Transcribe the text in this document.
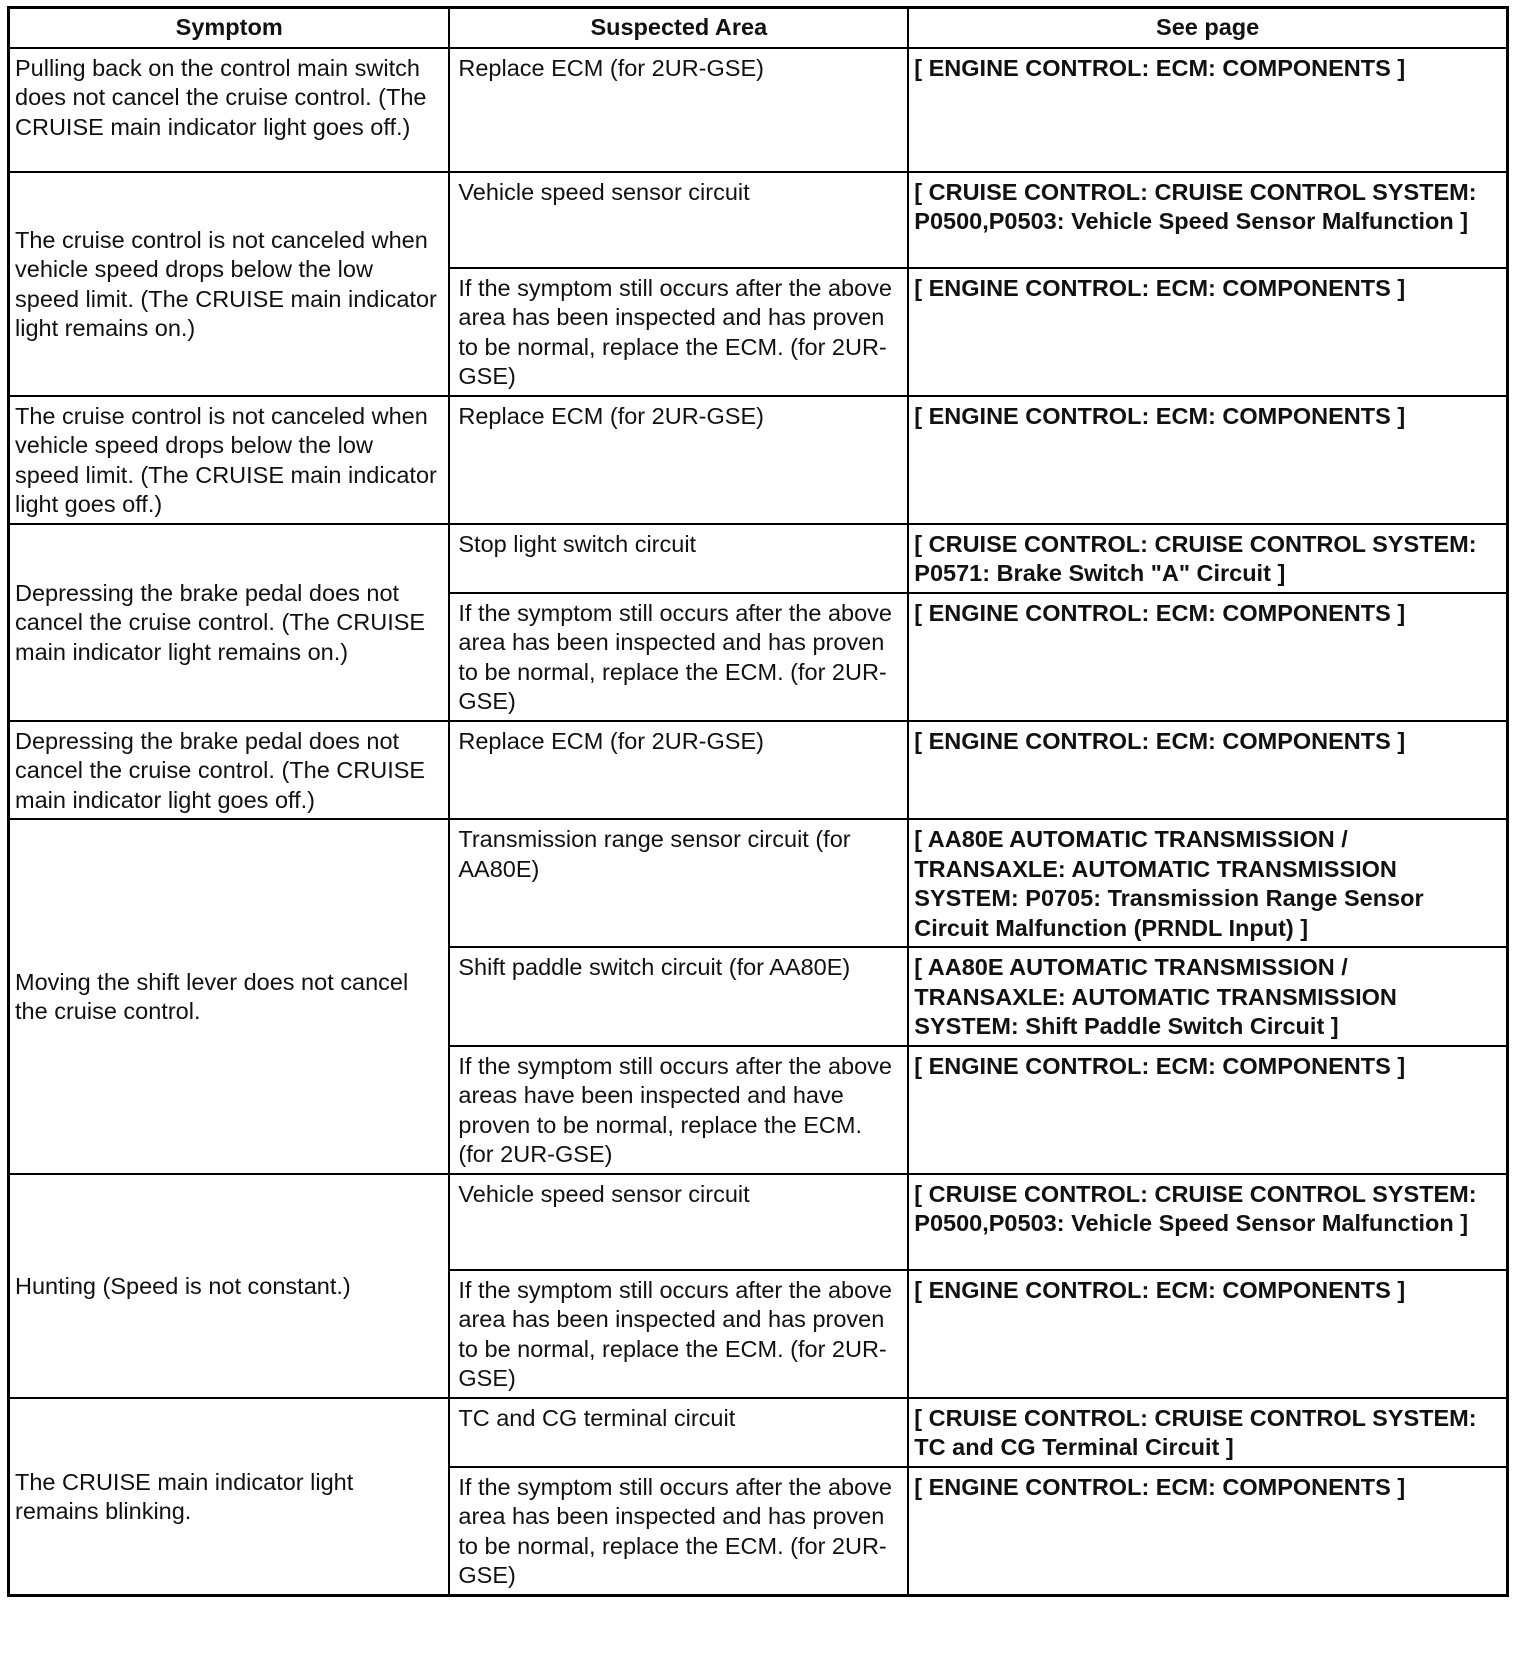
Symptom	Suspected Area	See page
Pulling back on the control main switch does not cancel the cruise control. (The CRUISE main indicator light goes off.)	Replace ECM (for 2UR-GSE)	[ ENGINE CONTROL: ECM: COMPONENTS ]
The cruise control is not canceled when vehicle speed drops below the low speed limit. (The CRUISE main indicator light remains on.)	Vehicle speed sensor circuit	[ CRUISE CONTROL: CRUISE CONTROL SYSTEM: P0500,P0503: Vehicle Speed Sensor Malfunction ]
	If the symptom still occurs after the above area has been inspected and has proven to be normal, replace the ECM. (for 2UR-GSE)	[ ENGINE CONTROL: ECM: COMPONENTS ]
The cruise control is not canceled when vehicle speed drops below the low speed limit. (The CRUISE main indicator light goes off.)	Replace ECM (for 2UR-GSE)	[ ENGINE CONTROL: ECM: COMPONENTS ]
Depressing the brake pedal does not cancel the cruise control. (The CRUISE main indicator light remains on.)	Stop light switch circuit	[ CRUISE CONTROL: CRUISE CONTROL SYSTEM: P0571: Brake Switch "A" Circuit ]
	If the symptom still occurs after the above area has been inspected and has proven to be normal, replace the ECM. (for 2UR-GSE)	[ ENGINE CONTROL: ECM: COMPONENTS ]
Depressing the brake pedal does not cancel the cruise control. (The CRUISE main indicator light goes off.)	Replace ECM (for 2UR-GSE)	[ ENGINE CONTROL: ECM: COMPONENTS ]
Moving the shift lever does not cancel the cruise control.	Transmission range sensor circuit (for AA80E)	[ AA80E AUTOMATIC TRANSMISSION / TRANSAXLE: AUTOMATIC TRANSMISSION SYSTEM: P0705: Transmission Range Sensor Circuit Malfunction (PRNDL Input) ]
	Shift paddle switch circuit (for AA80E)	[ AA80E AUTOMATIC TRANSMISSION / TRANSAXLE: AUTOMATIC TRANSMISSION SYSTEM: Shift Paddle Switch Circuit ]
	If the symptom still occurs after the above areas have been inspected and have proven to be normal, replace the ECM. (for 2UR-GSE)	[ ENGINE CONTROL: ECM: COMPONENTS ]
Hunting (Speed is not constant.)	Vehicle speed sensor circuit	[ CRUISE CONTROL: CRUISE CONTROL SYSTEM: P0500,P0503: Vehicle Speed Sensor Malfunction ]
	If the symptom still occurs after the above area has been inspected and has proven to be normal, replace the ECM. (for 2UR-GSE)	[ ENGINE CONTROL: ECM: COMPONENTS ]
The CRUISE main indicator light remains blinking.	TC and CG terminal circuit	[ CRUISE CONTROL: CRUISE CONTROL SYSTEM: TC and CG Terminal Circuit ]
	If the symptom still occurs after the above area has been inspected and has proven to be normal, replace the ECM. (for 2UR-GSE)	[ ENGINE CONTROL: ECM: COMPONENTS ]
